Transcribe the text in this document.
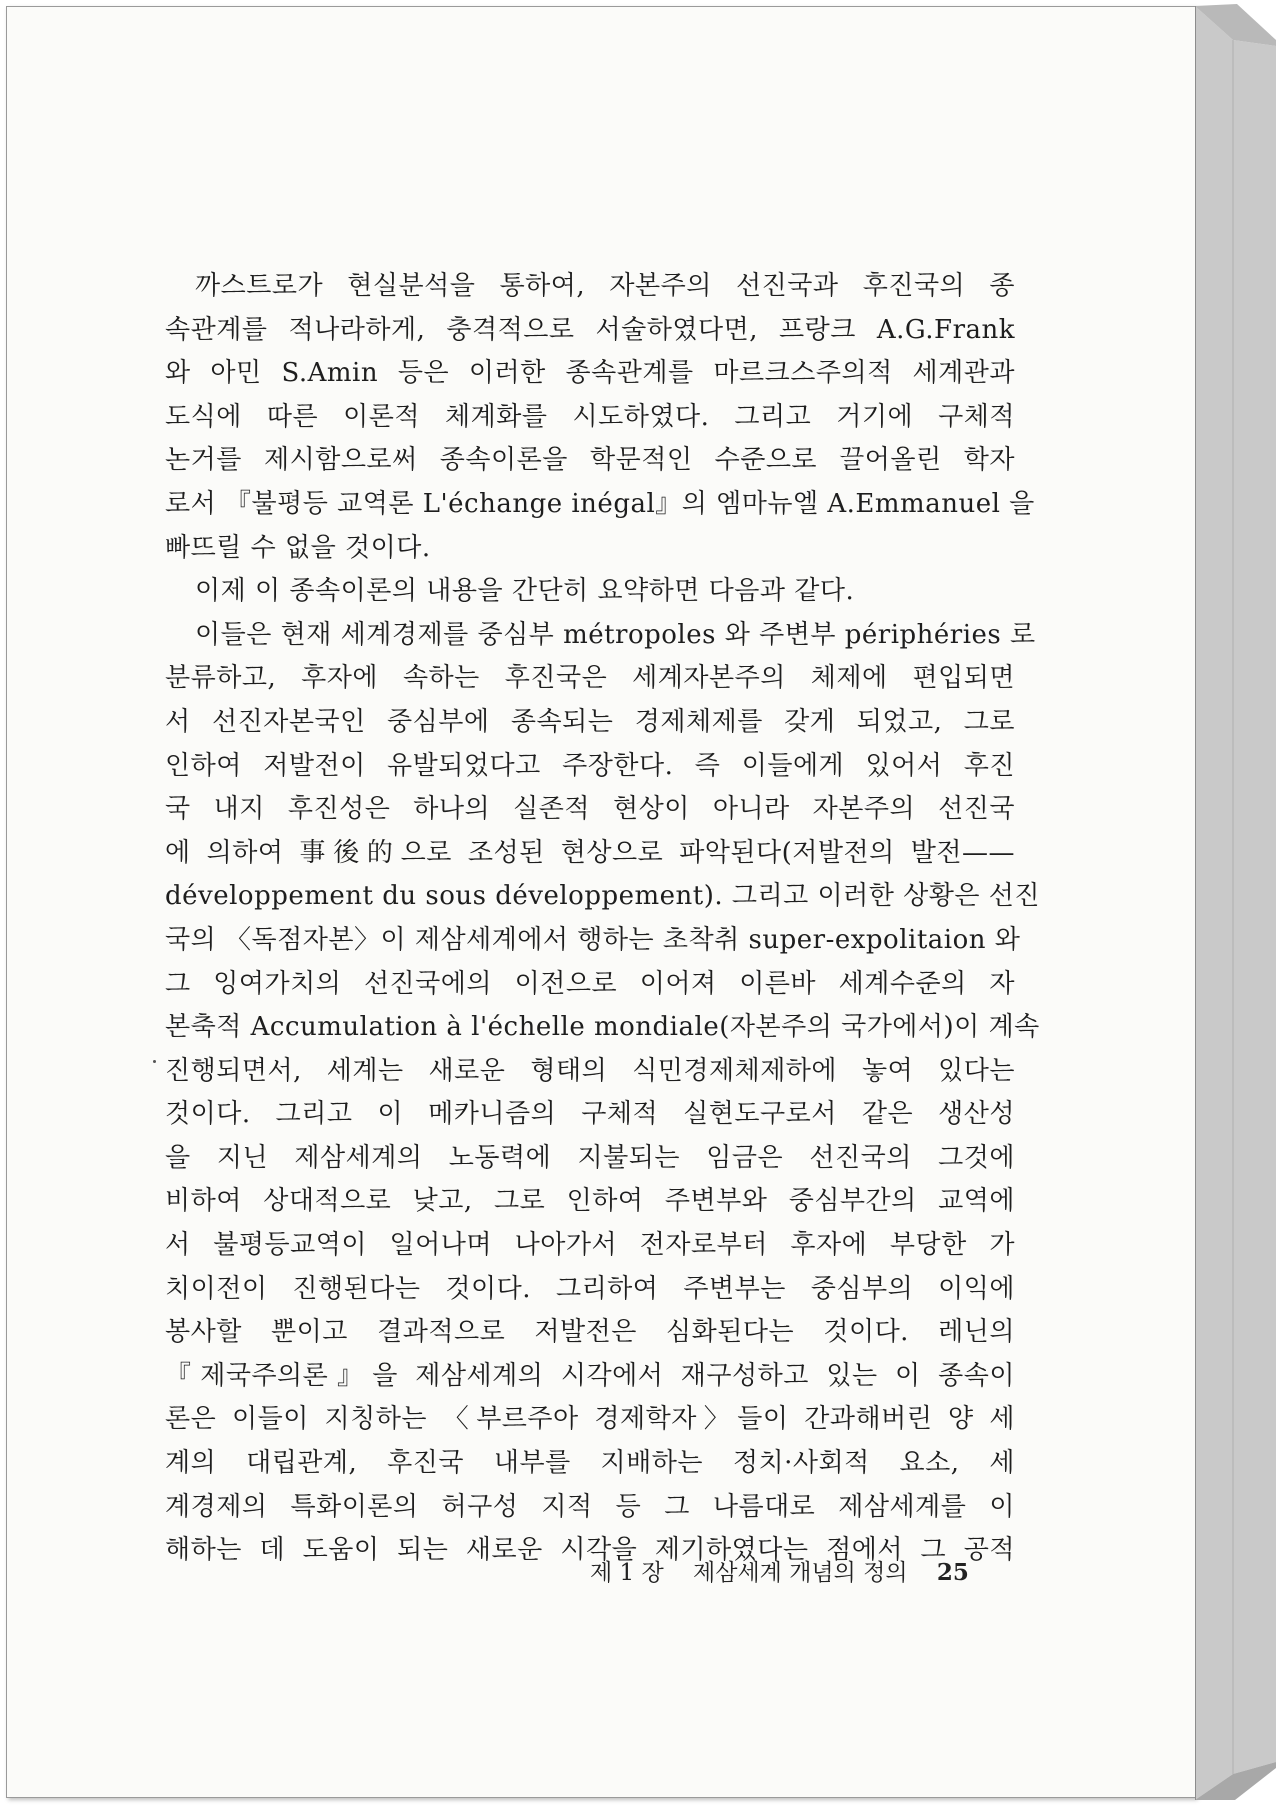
까스트로가 현실분석을 통하여, 자본주의 선진국과 후진국의 종
속관계를 적나라하게, 충격적으로 서술하였다면, 프랑크 A.G.Frank
와 아민 S.Amin 등은 이러한 종속관계를 마르크스주의적 세계관과
도식에 따른 이론적 체계화를 시도하였다. 그리고 거기에 구체적
논거를 제시함으로써 종속이론을 학문적인 수준으로 끌어올린 학자
로서 『불평등 교역론 L'échange inégal』의 엠마뉴엘 A.Emmanuel 을
빠뜨릴 수 없을 것이다.
이제 이 종속이론의 내용을 간단히 요약하면 다음과 같다.
이들은 현재 세계경제를 중심부 métropoles 와 주변부 périphéries 로
분류하고, 후자에 속하는 후진국은 세계자본주의 체제에 편입되면
서 선진자본국인 중심부에 종속되는 경제체제를 갖게 되었고, 그로
인하여 저발전이 유발되었다고 주장한다. 즉 이들에게 있어서 후진
국 내지 후진성은 하나의 실존적 현상이 아니라 자본주의 선진국
에 의하여 事後的으로 조성된 현상으로 파악된다(저발전의 발전——
développement du sous développement). 그리고 이러한 상황은 선진
국의 〈독점자본〉이 제삼세계에서 행하는 초착취 super-expolitaion 와
그 잉여가치의 선진국에의 이전으로 이어져 이른바 세계수준의 자
본축적 Accumulation à l'échelle mondiale(자본주의 국가에서)이 계속
진행되면서, 세계는 새로운 형태의 식민경제체제하에 놓여 있다는
것이다. 그리고 이 메카니즘의 구체적 실현도구로서 같은 생산성
을 지닌 제삼세계의 노동력에 지불되는 임금은 선진국의 그것에
비하여 상대적으로 낮고, 그로 인하여 주변부와 중심부간의 교역에
서 불평등교역이 일어나며 나아가서 전자로부터 후자에 부당한 가
치이전이 진행된다는 것이다. 그리하여 주변부는 중심부의 이익에
봉사할 뿐이고 결과적으로 저발전은 심화된다는 것이다. 레닌의
『제국주의론』을 제삼세계의 시각에서 재구성하고 있는 이 종속이
론은 이들이 지칭하는 〈부르주아 경제학자〉들이 간과해버린 양 세
계의 대립관계, 후진국 내부를 지배하는 정치·사회적 요소, 세
계경제의 특화이론의 허구성 지적 등 그 나름대로 제삼세계를 이
해하는 데 도움이 되는 새로운 시각을 제기하였다는 점에서 그 공적
제 1 장 제삼세계 개념의 정의 25
